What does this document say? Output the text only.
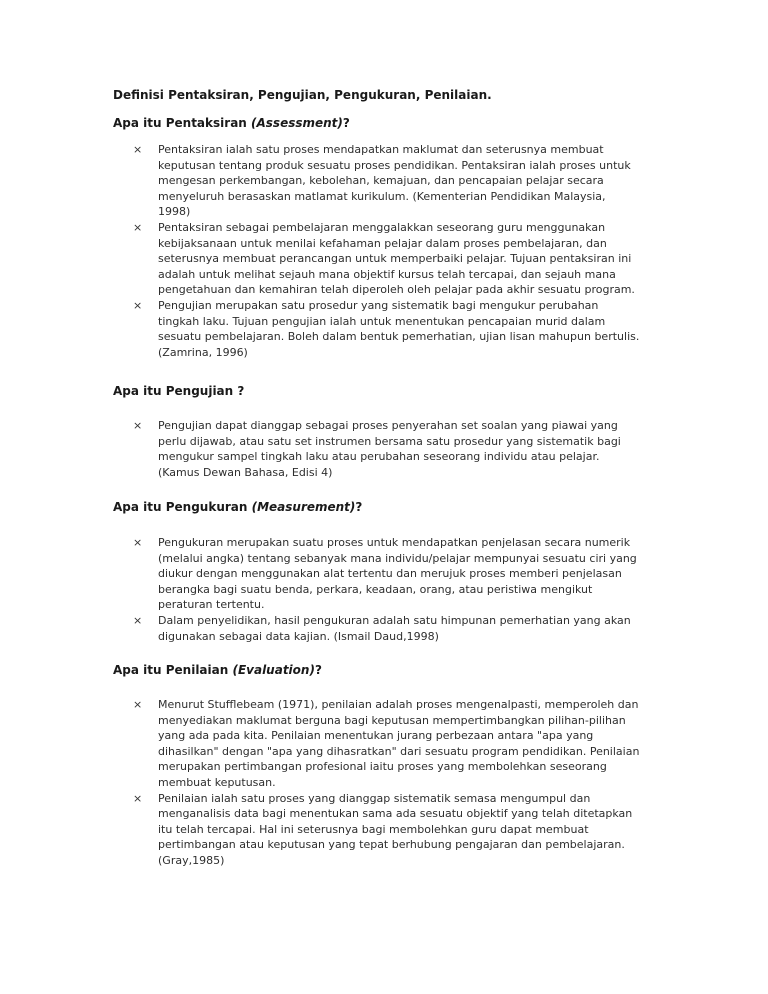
Definisi Pentaksiran, Pengujian, Pengukuran, Penilaian.
Apa itu Pentaksiran (Assessment)?
× Pentaksiran ialah satu proses mendapatkan maklumat dan seterusnya membuat
keputusan tentang produk sesuatu proses pendidikan. Pentaksiran ialah proses untuk
mengesan perkembangan, kebolehan, kemajuan, dan pencapaian pelajar secara
menyeluruh berasaskan matlamat kurikulum. (Kementerian Pendidikan Malaysia,
1998)
× Pentaksiran sebagai pembelajaran menggalakkan seseorang guru menggunakan
kebijaksanaan untuk menilai kefahaman pelajar dalam proses pembelajaran, dan
seterusnya membuat perancangan untuk memperbaiki pelajar. Tujuan pentaksiran ini
adalah untuk melihat sejauh mana objektif kursus telah tercapai, dan sejauh mana
pengetahuan dan kemahiran telah diperoleh oleh pelajar pada akhir sesuatu program.
× Pengujian merupakan satu prosedur yang sistematik bagi mengukur perubahan
tingkah laku. Tujuan pengujian ialah untuk menentukan pencapaian murid dalam
sesuatu pembelajaran. Boleh dalam bentuk pemerhatian, ujian lisan mahupun bertulis.
(Zamrina, 1996)
Apa itu Pengujian ?
× Pengujian dapat dianggap sebagai proses penyerahan set soalan yang piawai yang
perlu dijawab, atau satu set instrumen bersama satu prosedur yang sistematik bagi
mengukur sampel tingkah laku atau perubahan seseorang individu atau pelajar.
(Kamus Dewan Bahasa, Edisi 4)
Apa itu Pengukuran (Measurement)?
× Pengukuran merupakan suatu proses untuk mendapatkan penjelasan secara numerik
(melalui angka) tentang sebanyak mana individu/pelajar mempunyai sesuatu ciri yang
diukur dengan menggunakan alat tertentu dan merujuk proses memberi penjelasan
berangka bagi suatu benda, perkara, keadaan, orang, atau peristiwa mengikut
peraturan tertentu.
× Dalam penyelidikan, hasil pengukuran adalah satu himpunan pemerhatian yang akan
digunakan sebagai data kajian. (Ismail Daud,1998)
Apa itu Penilaian (Evaluation)?
× Menurut Stufflebeam (1971), penilaian adalah proses mengenalpasti, memperoleh dan
menyediakan maklumat berguna bagi keputusan mempertimbangkan pilihan-pilihan
yang ada pada kita. Penilaian menentukan jurang perbezaan antara "apa yang
dihasilkan" dengan "apa yang dihasratkan" dari sesuatu program pendidikan. Penilaian
merupakan pertimbangan profesional iaitu proses yang membolehkan seseorang
membuat keputusan.
× Penilaian ialah satu proses yang dianggap sistematik semasa mengumpul dan
menganalisis data bagi menentukan sama ada sesuatu objektif yang telah ditetapkan
itu telah tercapai. Hal ini seterusnya bagi membolehkan guru dapat membuat
pertimbangan atau keputusan yang tepat berhubung pengajaran dan pembelajaran.
(Gray,1985)
